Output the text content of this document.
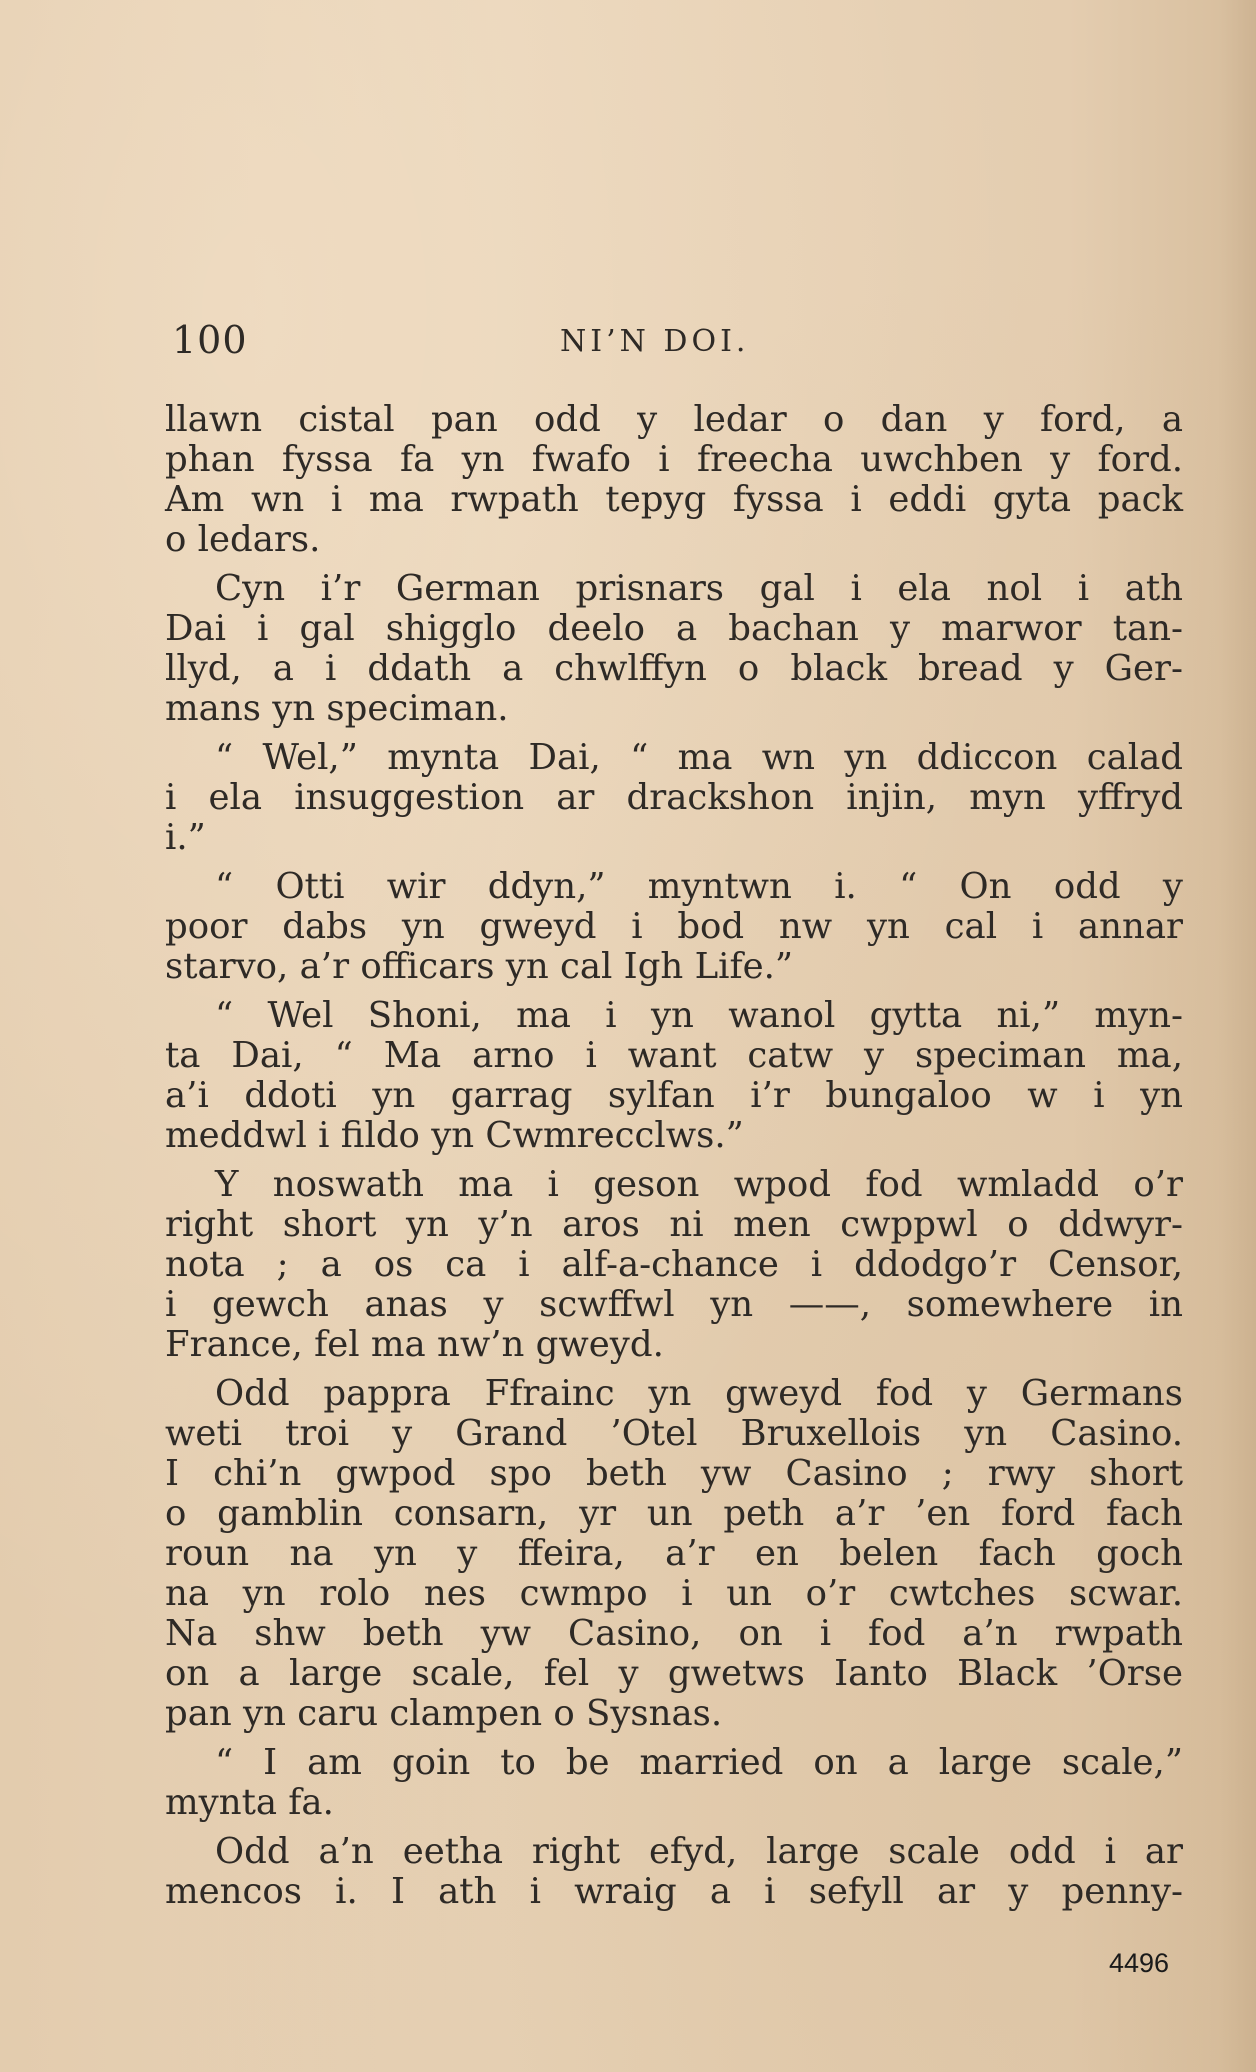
100	NI’N DOI.
llawn cistal pan odd y ledar o dan y ford, a
phan fyssa fa yn fwafo i freecha uwchben y ford.
Am wn i ma rwpath tepyg fyssa i eddi gyta pack
o ledars.
Cyn i’r German prisnars gal i ela nol i ath
Dai i gal shigglo deelo a bachan y marwor tan-
llyd, a i ddath a chwlffyn o black bread y Ger-
mans yn speciman.
“ Wel,” mynta Dai, “ ma wn yn ddiccon calad
i ela insuggestion ar drackshon injin, myn yffryd
i.”
“ Otti wir ddyn,” myntwn i. “ On odd y
poor dabs yn gweyd i bod nw yn cal i annar
starvo, a’r officars yn cal Igh Life.”
“ Wel Shoni, ma i yn wanol gytta ni,” myn-
ta Dai, “ Ma arno i want catw y speciman ma,
a’i ddoti yn garrag sylfan i’r bungaloo w i yn
meddwl i fildo yn Cwmrecclws.”
Y noswath ma i geson wpod fod wmladd o’r
right short yn y’n aros ni men cwppwl o ddwyr-
nota ; a os ca i alf-a-chance i ddodgo’r Censor,
i gewch anas y scwffwl yn ——, somewhere in
France, fel ma nw’n gweyd.
Odd pappra Ffrainc yn gweyd fod y Germans
weti troi y Grand ’Otel Bruxellois yn Casino.
I chi’n gwpod spo beth yw Casino ; rwy short
o gamblin consarn, yr un peth a’r ’en ford fach
roun na yn y ffeira, a’r en belen fach goch
na yn rolo nes cwmpo i un o’r cwtches scwar.
Na shw beth yw Casino, on i fod a’n rwpath
on a large scale, fel y gwetws Ianto Black ’Orse
pan yn caru clampen o Sysnas.
“ I am goin to be married on a large scale,”
mynta fa.
Odd a’n eetha right efyd, large scale odd i ar
mencos i. I ath i wraig a i sefyll ar y penny-
4496
